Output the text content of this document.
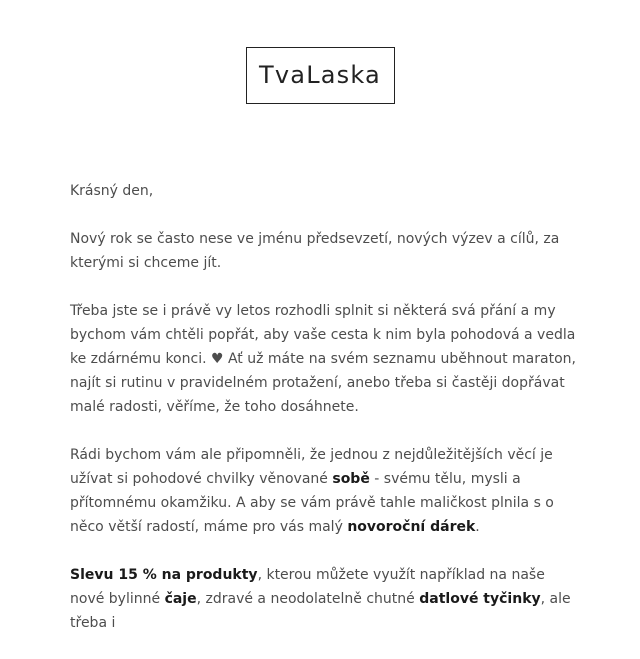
TvaLaska

Krásný den,

Nový rok se často nese ve jménu předsevzetí, nových výzev a cílů, za kterými si chceme jít.

Třeba jste se i právě vy letos rozhodli splnit si některá svá přání a my bychom vám chtěli popřát, aby vaše cesta k nim byla pohodová a vedla ke zdárnému konci. ♥ Ať už máte na svém seznamu uběhnout maraton, najít si rutinu v pravidelném protažení, anebo třeba si častěji dopřávat malé radosti, věříme, že toho dosáhnete.

Rádi bychom vám ale připomněli, že jednou z nejdůležitějších věcí je užívat si pohodové chvilky věnované sobě - svému tělu, mysli a přítomnému okamžiku. A aby se vám právě tahle maličkost plnila s o něco větší radostí, máme pro vás malý novoroční dárek.

Slevu 15 % na produkty, kterou můžete využít například na naše nové bylinné čaje, zdravé a neodolatelně chutné datlové tyčinky, ale třeba i
